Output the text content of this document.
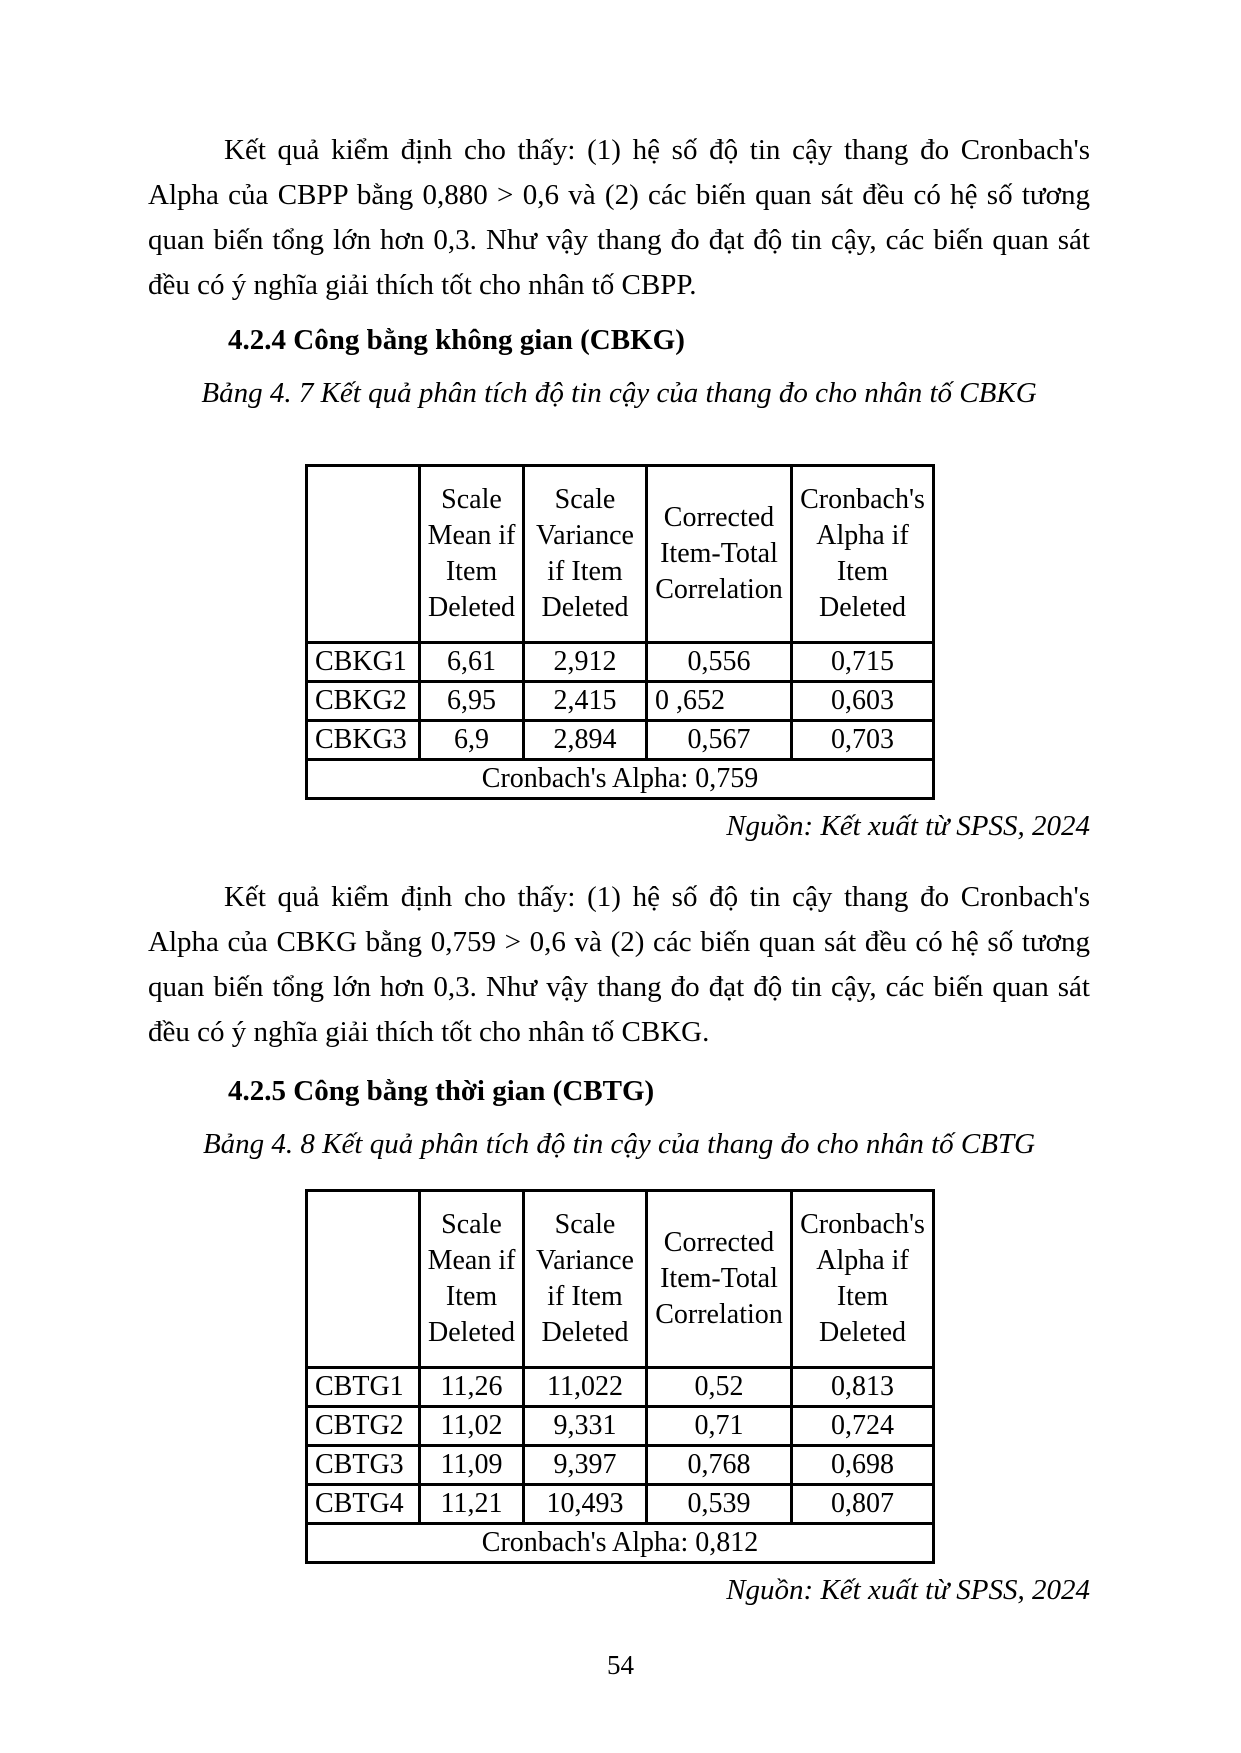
Kết quả kiểm định cho thấy: (1) hệ số độ tin cậy thang đo Cronbach's Alpha của CBPP bằng 0,880 > 0,6 và (2) các biến quan sát đều có hệ số tương quan biến tổng lớn hơn 0,3. Như vậy thang đo đạt độ tin cậy, các biến quan sát đều có ý nghĩa giải thích tốt cho nhân tố CBPP.

4.2.4 Công bằng không gian (CBKG)
Bảng 4. 7 Kết quả phân tích độ tin cậy của thang đo cho nhân tố CBKG
	Scale Mean if Item Deleted	Scale Variance if Item Deleted	Corrected Item-Total Correlation	Cronbach's Alpha if Item Deleted
CBKG1	6,61	2,912	0,556	0,715
CBKG2	6,95	2,415	0 ,652	0,603
CBKG3	6,9	2,894	0,567	0,703
Cronbach's Alpha: 0,759				

Nguồn: Kết xuất từ SPSS, 2024

Kết quả kiểm định cho thấy: (1) hệ số độ tin cậy thang đo Cronbach's Alpha của CBKG bằng 0,759 > 0,6 và (2) các biến quan sát đều có hệ số tương quan biến tổng lớn hơn 0,3. Như vậy thang đo đạt độ tin cậy, các biến quan sát đều có ý nghĩa giải thích tốt cho nhân tố CBKG.

4.2.5 Công bằng thời gian (CBTG)
Bảng 4. 8 Kết quả phân tích độ tin cậy của thang đo cho nhân tố CBTG
	Scale Mean if Item Deleted	Scale Variance if Item Deleted	Corrected Item-Total Correlation	Cronbach's Alpha if Item Deleted
CBTG1	11,26	11,022	0,52	0,813
CBTG2	11,02	9,331	0,71	0,724
CBTG3	11,09	9,397	0,768	0,698
CBTG4	11,21	10,493	0,539	0,807
Cronbach's Alpha: 0,812				

Nguồn: Kết xuất từ SPSS, 2024

54
